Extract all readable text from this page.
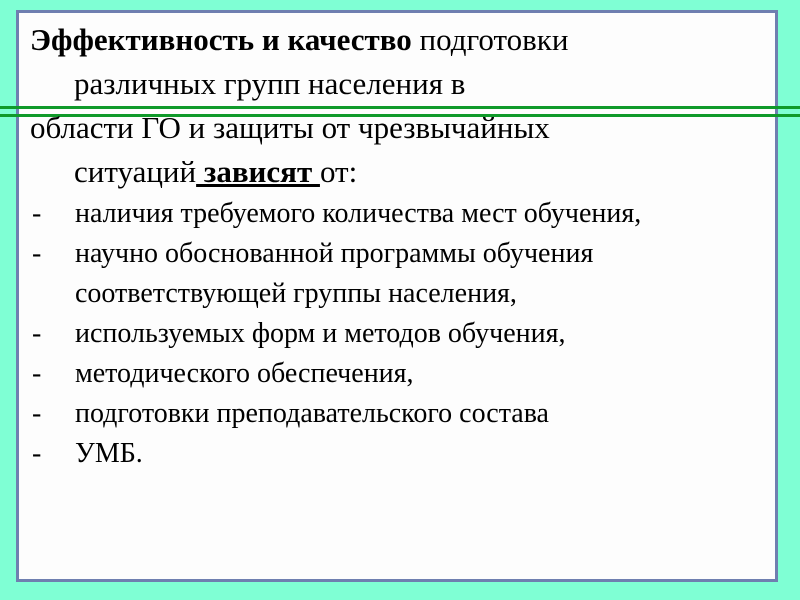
Эффективность и качество подготовки
различных групп населения в
области ГО и защиты от чрезвычайных
ситуаций зависят от:

- наличия требуемого количества мест обучения,
- научно обоснованной программы обучения соответствующей группы населения,
- используемых форм и методов обучения,
- методического обеспечения,
- подготовки преподавательского состава
- УМБ.
